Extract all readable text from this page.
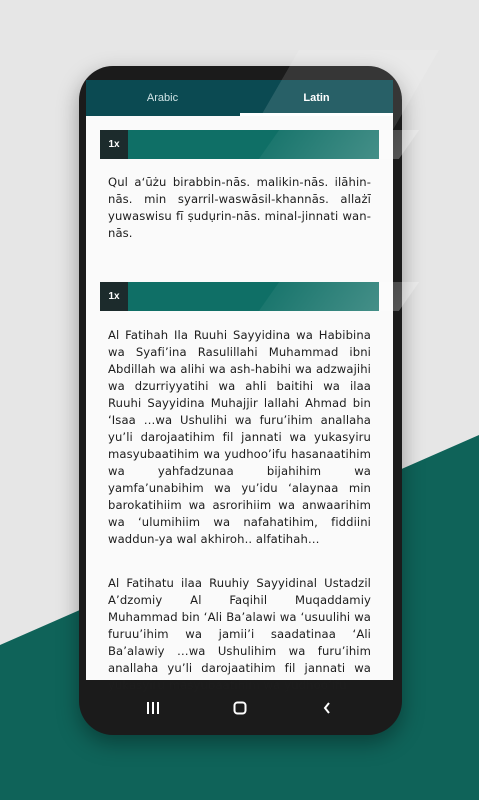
Arabic	Latin
1x
Qul aʻūżu birabbin-nās. malikin-nās. ilāhin-nās. min syarril-waswāsil-khannās. allażī yuwaswisu fī ṣudụrin-nās. minal-jinnati wan-nās.
1x
Al Fatihah Ila Ruuhi Sayyidina wa Habibina wa Syafi’ina Rasulillahi Muhammad ibni Abdillah wa alihi wa ash-habihi wa adzwajihi wa dzurriyyatihi wa ahli baitihi wa ilaa Ruuhi Sayyidina Muhajjir lallahi Ahmad bin ‘Isaa …wa Ushulihi wa furu’ihim anallaha yu’li darojaatihim fil jannati wa yukasyiru masyubaatihim wa yudhoo’ifu hasanaatihim wa yahfadzunaa bijahihim wa yamfa’unabihim wa yu’idu ‘alaynaa min barokatihiim wa asrorihiim wa anwaarihim wa ‘ulumihiim wa nafahatihim, fiddiini waddun-ya wal akhiroh.. alfatihah…
Al Fatihatu ilaa Ruuhiy Sayyidinal Ustadzil A’dzomiy Al Faqihil Muqaddamiy Muhammad bin ‘Ali Ba’alawi wa ‘usuulihi wa furuu’ihim wa jamii’i saadatinaa ‘Ali Ba’alawiy …wa Ushulihim wa furu’ihim anallaha yu’li darojaatihim fil jannati wa yukasyiru masyubaatihim wa yudhoo’ifu
